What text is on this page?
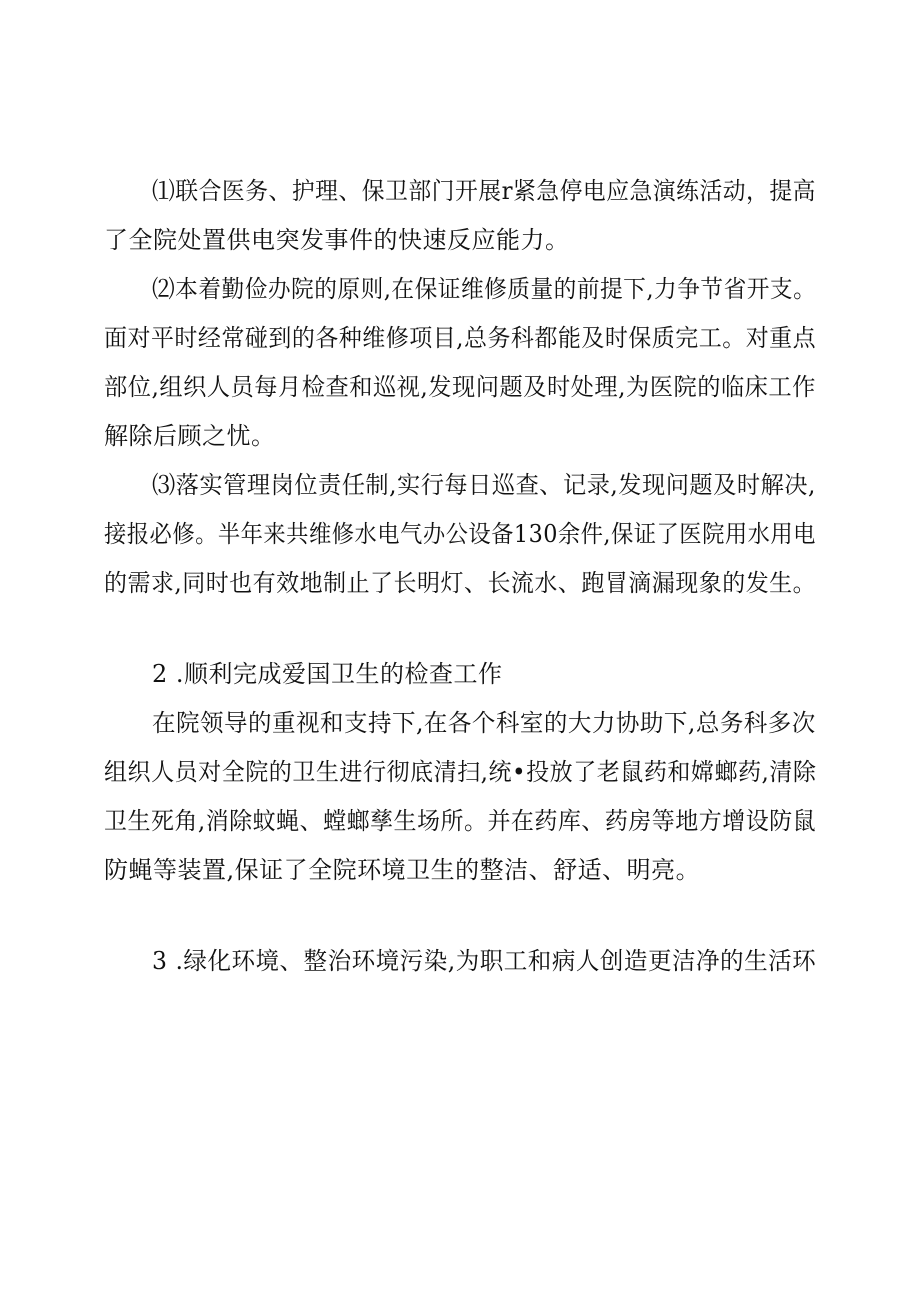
⑴联合医务、护理、保卫部门开展r紧急停电应急演练活动，提高
了全院处置供电突发事件的快速反应能力。
⑵本着勤俭办院的原则,在保证维修质量的前提下,力争节省开支。
面对平时经常碰到的各种维修项目,总务科都能及时保质完工。对重点
部位,组织人员每月检查和巡视,发现问题及时处理,为医院的临床工作
解除后顾之忧。
⑶落实管理岗位责任制,实行每日巡查、记录,发现问题及时解决,
接报必修。半年来共维修水电气办公设备130余件,保证了医院用水用电
的需求,同时也有效地制止了长明灯、长流水、跑冒滴漏现象的发生。
2 .顺利完成爱国卫生的检查工作
在院领导的重视和支持下,在各个科室的大力协助下,总务科多次
组织人员对全院的卫生进行彻底清扫,统•投放了老鼠药和嫦螂药,清除
卫生死角,消除蚊蝇、螳螂孳生场所。并在药库、药房等地方增设防鼠
防蝇等装置,保证了全院环境卫生的整洁、舒适、明亮。
3 .绿化环境、整治环境污染,为职工和病人创造更洁净的生活环
